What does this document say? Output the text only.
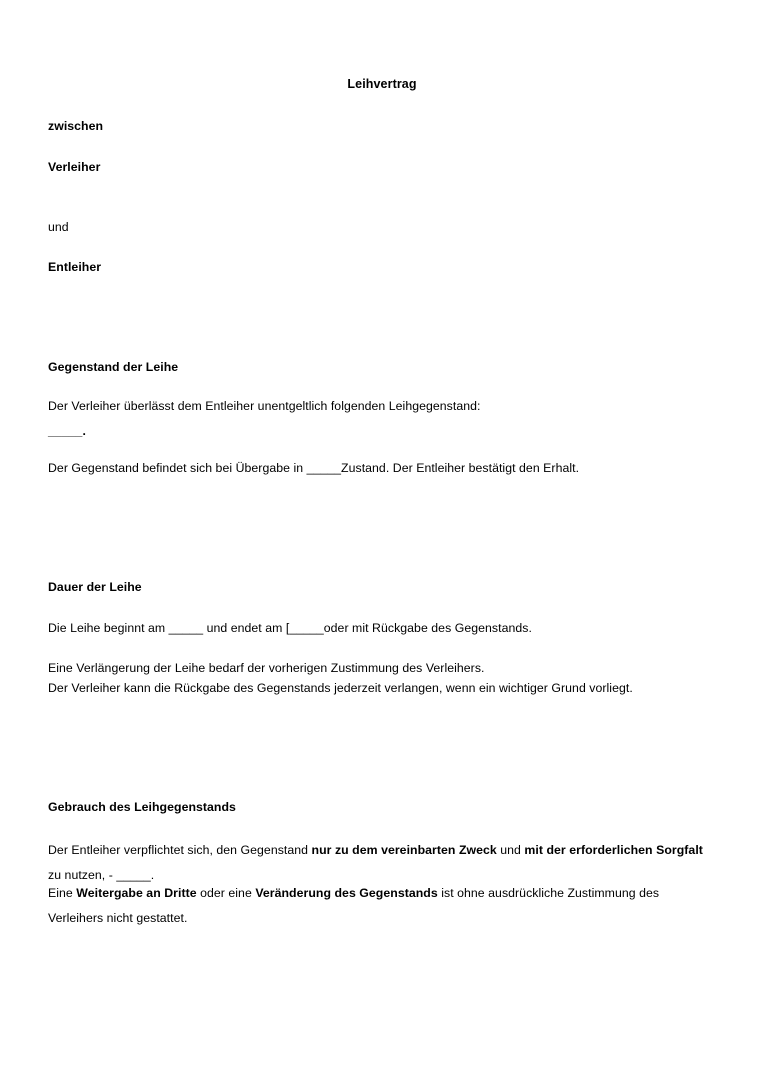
Leihvertrag
zwischen
Verleiher
und
Entleiher
Gegenstand der Leihe
Der Verleiher überlässt dem Entleiher unentgeltlich folgenden Leihgegenstand:
_____.
Der Gegenstand befindet sich bei Übergabe in _____Zustand. Der Entleiher bestätigt den Erhalt.
Dauer der Leihe
Die Leihe beginnt am _____ und endet am [_____oder mit Rückgabe des Gegenstands.
Eine Verlängerung der Leihe bedarf der vorherigen Zustimmung des Verleihers.
Der Verleiher kann die Rückgabe des Gegenstands jederzeit verlangen, wenn ein wichtiger Grund vorliegt.
Gebrauch des Leihgegenstands
Der Entleiher verpflichtet sich, den Gegenstand nur zu dem vereinbarten Zweck und mit der erforderlichen Sorgfalt zu nutzen, - _____.
Eine Weitergabe an Dritte oder eine Veränderung des Gegenstands ist ohne ausdrückliche Zustimmung des Verleihers nicht gestattet.
